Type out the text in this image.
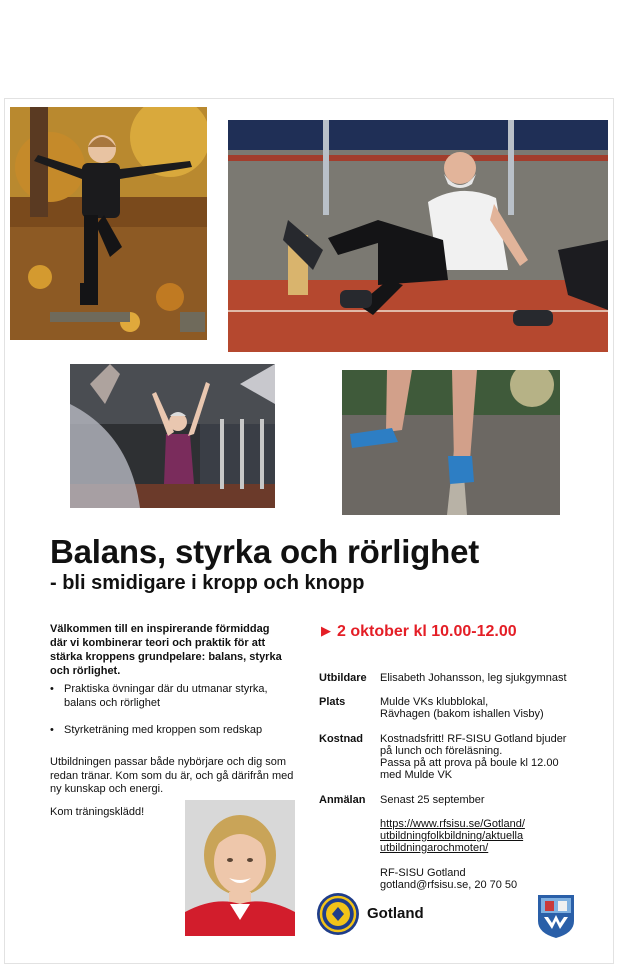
Balans, styrka och rörlighet
- bli smidigare i kropp och knopp
Välkommen till en inspirerande förmiddag där vi kombinerar teori och praktik för att stärka kroppens grundpelare: balans, styrka och rörlighet.
• Praktiska övningar där du utmanar styrka, balans och rörlighet
• Styrketräning med kroppen som redskap
Utbildningen passar både nybörjare och dig som redan tränar. Kom som du är, och gå därifrån med ny kunskap och energi.
Kom träningsklädd!
▶ 2 oktober kl 10.00-12.00
Utbildare Elisabeth Johansson, leg sjukgymnast
Plats	Mulde VKs klubblokal,
Rävhagen (bakom ishallen Visby)
Kostnad Kostnadsfritt! RF-SISU Gotland bjuder
på lunch och föreläsning.
Passa på att prova på boule kl 12.00
med Mulde VK
Anmälan Senast 25 september
https://www.rfsisu.se/Gotland/
utbildningfolkbildning/aktuella
utbildningarochmoten/
RF-SISU Gotland
gotland@rfsisu.se, 20 70 50
Gotland
